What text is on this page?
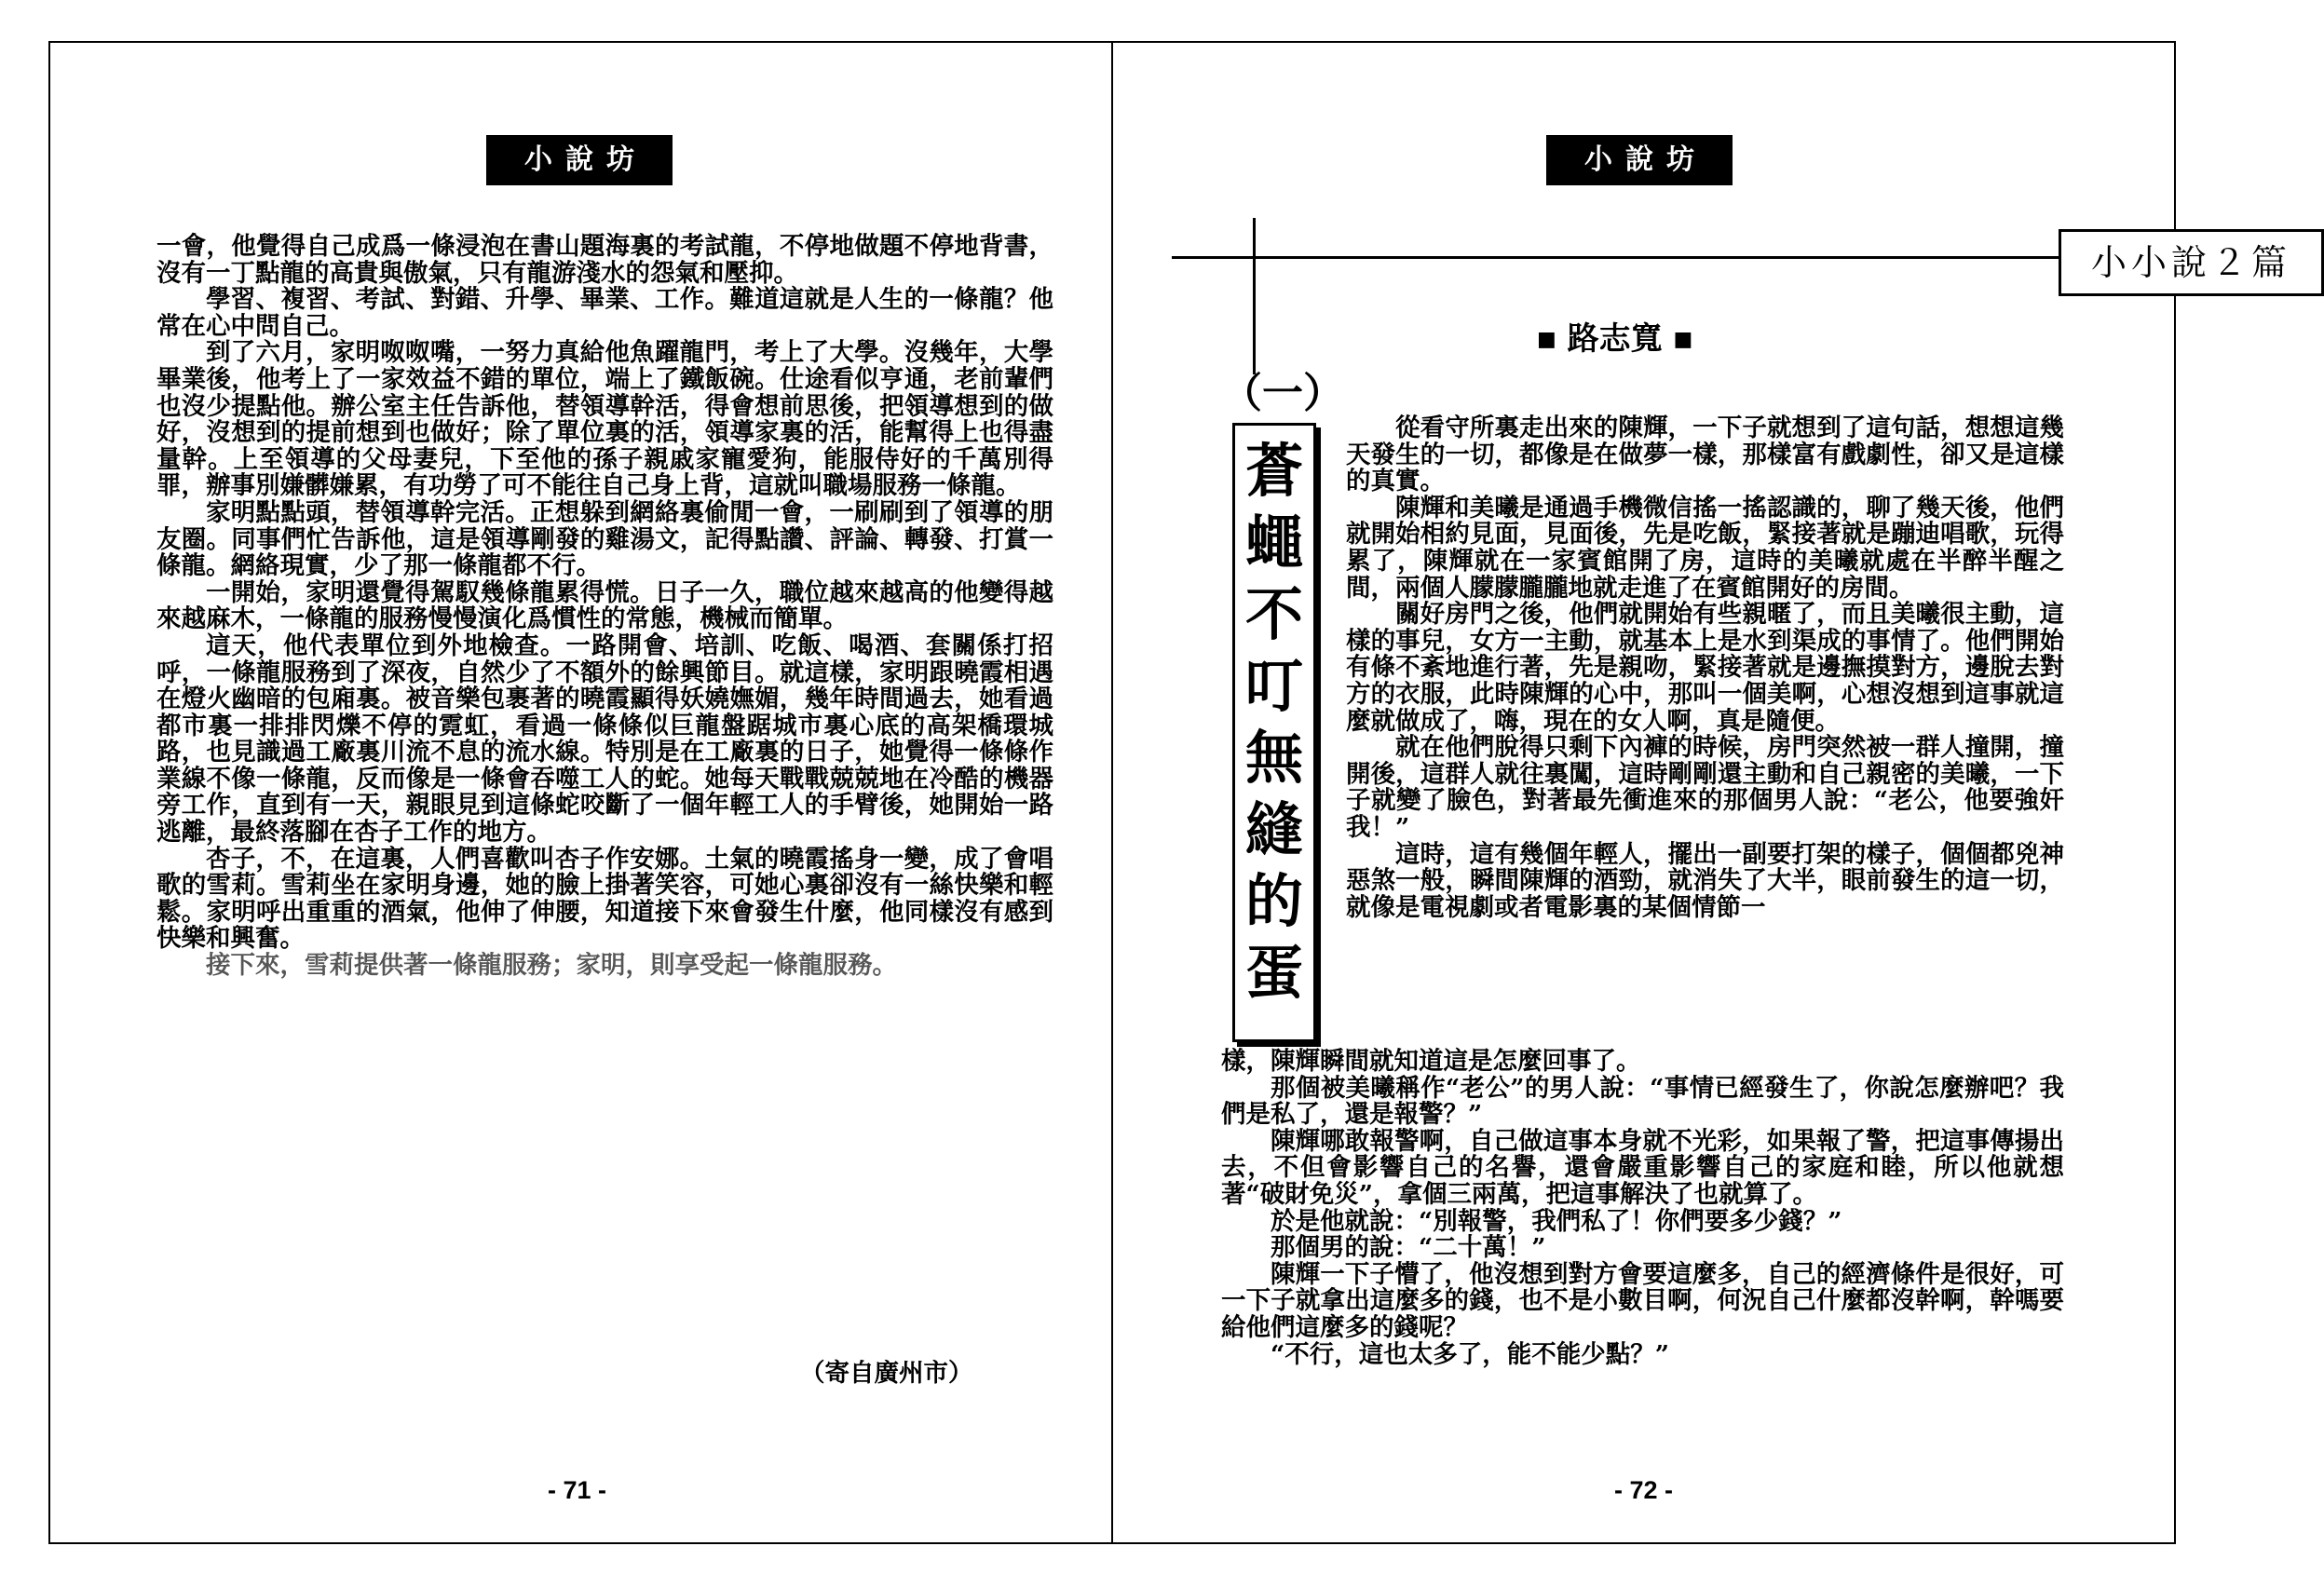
小說坊

一會，他覺得自己成爲一條浸泡在書山題海裏的考試龍，不停地做題不停地背書，沒有一丁點龍的高貴與傲氣，只有龍游淺水的怨氣和壓抑。

學習、複習、考試、對錯、升學、畢業、工作。難道這就是人生的一條龍？他常在心中問自己。

到了六月，家明呶呶嘴，一努力真給他魚躍龍門，考上了大學。沒幾年，大學畢業後，他考上了一家效益不錯的單位，端上了鐵飯碗。仕途看似亨通，老前輩們也沒少提點他。辦公室主任告訴他，替領導幹活，得會想前思後，把領導想到的做好，沒想到的提前想到也做好；除了單位裏的活，領導家裏的活，能幫得上也得盡量幹。上至領導的父母妻兒，下至他的孫子親戚家寵愛狗，能服侍好的千萬別得罪，辦事別嫌髒嫌累，有功勞了可不能往自己身上背，這就叫職場服務一條龍。

家明點點頭，替領導幹完活。正想躲到網絡裏偷閒一會，一刷刷到了領導的朋友圈。同事們忙告訴他，這是領導剛發的雞湯文，記得點讚、評論、轉發、打賞一條龍。網絡現實，少了那一條龍都不行。

一開始，家明還覺得駕馭幾條龍累得慌。日子一久，職位越來越高的他變得越來越麻木，一條龍的服務慢慢演化爲慣性的常態，機械而簡單。

這天，他代表單位到外地檢查。一路開會、培訓、吃飯、喝酒、套關係打招呼，一條龍服務到了深夜，自然少了不額外的餘興節目。就這樣，家明跟曉霞相遇在燈火幽暗的包廂裏。被音樂包裹著的曉霞顯得妖嬈嫵媚，幾年時間過去，她看過都市裏一排排閃爍不停的霓虹，看過一條條似巨龍盤踞城市裏心底的高架橋環城路，也見識過工廠裏川流不息的流水線。特別是在工廠裏的日子，她覺得一條條作業線不像一條龍，反而像是一條會吞噬工人的蛇。她每天戰戰兢兢地在冷酷的機器旁工作，直到有一天，親眼見到這條蛇咬斷了一個年輕工人的手臂後，她開始一路逃離，最終落腳在杏子工作的地方。

杏子，不，在這裏，人們喜歡叫杏子作安娜。土氣的曉霞搖身一變，成了會唱歌的雪莉。雪莉坐在家明身邊，她的臉上掛著笑容，可她心裏卻沒有一絲快樂和輕鬆。家明呼出重重的酒氣，他伸了伸腰，知道接下來會發生什麼，他同樣沒有感到快樂和興奮。

接下來，雪莉提供著一條龍服務；家明，則享受起一條龍服務。

（寄自廣州市）
- 71 -
小說坊
小小說２篇
■ 路志寬 ■
（一）
蒼蠅不叮無縫的蛋

從看守所裏走出來的陳輝，一下子就想到了這句話，想想這幾天發生的一切，都像是在做夢一樣，那樣富有戲劇性，卻又是這樣的真實。

陳輝和美曦是通過手機微信搖一搖認識的，聊了幾天後，他們就開始相約見面，見面後，先是吃飯，緊接著就是蹦迪唱歌，玩得累了，陳輝就在一家賓館開了房，這時的美曦就處在半醉半醒之間，兩個人朦朦朧朧地就走進了在賓館開好的房間。

關好房門之後，他們就開始有些親暱了，而且美曦很主動，這樣的事兒，女方一主動，就基本上是水到渠成的事情了。他們開始有條不紊地進行著，先是親吻，緊接著就是邊撫摸對方，邊脫去對方的衣服，此時陳輝的心中，那叫一個美啊，心想沒想到這事就這麼就做成了，嗨，現在的女人啊，真是隨便。

就在他們脫得只剩下內褲的時候，房門突然被一群人撞開，撞開後，這群人就往裏闖，這時剛剛還主動和自己親密的美曦，一下子就變了臉色，對著最先衝進來的那個男人說：“老公，他要強奸我！”

這時，這有幾個年輕人，擺出一副要打架的樣子，個個都兇神惡煞一般，瞬間陳輝的酒勁，就消失了大半，眼前發生的這一切，就像是電視劇或者電影裏的某個情節一

樣，陳輝瞬間就知道這是怎麼回事了。

那個被美曦稱作“老公”的男人說：“事情已經發生了，你說怎麼辦吧？我們是私了，還是報警？”

陳輝哪敢報警啊，自己做這事本身就不光彩，如果報了警，把這事傳揚出去，不但會影響自己的名譽，還會嚴重影響自己的家庭和睦，所以他就想著“破財免災”，拿個三兩萬，把這事解決了也就算了。

於是他就說：“別報警，我們私了！你們要多少錢？”

那個男的說：“二十萬！”

陳輝一下子懵了，他沒想到對方會要這麼多，自己的經濟條件是很好，可一下子就拿出這麼多的錢，也不是小數目啊，何況自己什麼都沒幹啊，幹嗎要給他們這麼多的錢呢？

“不行，這也太多了，能不能少點？”

- 72 -
